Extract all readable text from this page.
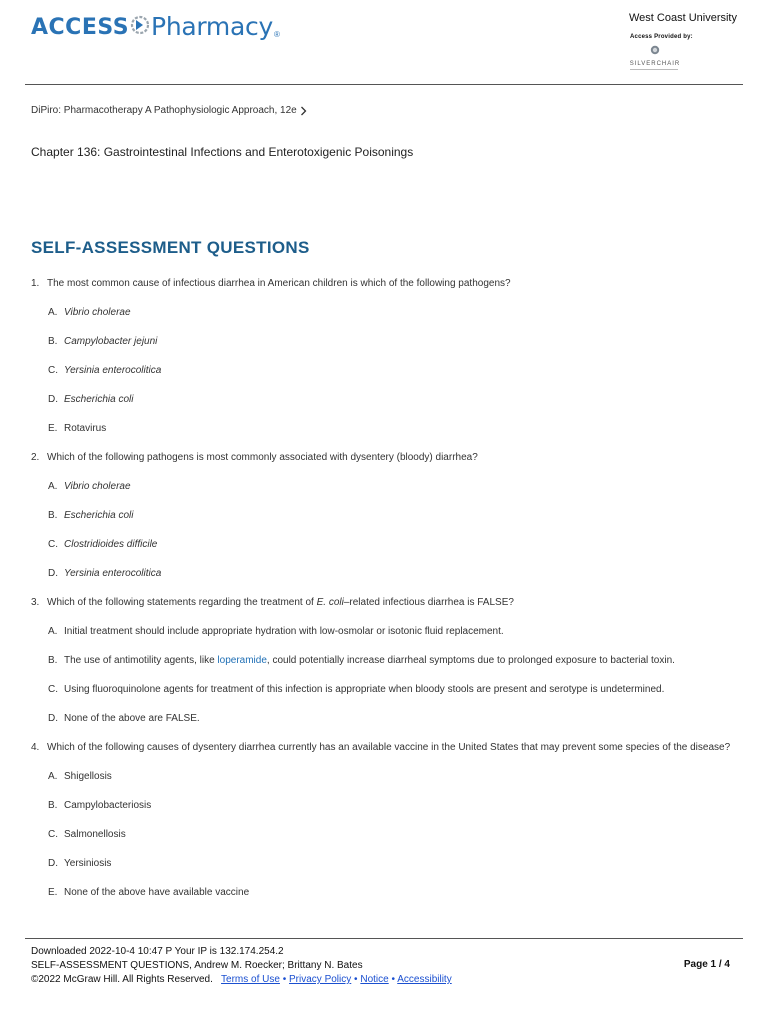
ACCESS Pharmacy ®
West Coast University
Access Provided by:
SILVERCHAIR
DiPiro: Pharmacotherapy A Pathophysiologic Approach, 12e
Chapter 136: Gastrointestinal Infections and Enterotoxigenic Poisonings
SELF-ASSESSMENT QUESTIONS
1. The most common cause of infectious diarrhea in American children is which of the following pathogens?
A. Vibrio cholerae
B. Campylobacter jejuni
C. Yersinia enterocolitica
D. Escherichia coli
E. Rotavirus
2. Which of the following pathogens is most commonly associated with dysentery (bloody) diarrhea?
A. Vibrio cholerae
B. Escherichia coli
C. Clostridioides difficile
D. Yersinia enterocolitica
3. Which of the following statements regarding the treatment of E. coli–related infectious diarrhea is FALSE?
A. Initial treatment should include appropriate hydration with low-osmolar or isotonic fluid replacement.
B. The use of antimotility agents, like loperamide, could potentially increase diarrheal symptoms due to prolonged exposure to bacterial toxin.
C. Using fluoroquinolone agents for treatment of this infection is appropriate when bloody stools are present and serotype is undetermined.
D. None of the above are FALSE.
4. Which of the following causes of dysentery diarrhea currently has an available vaccine in the United States that may prevent some species of the disease?
A. Shigellosis
B. Campylobacteriosis
C. Salmonellosis
D. Yersiniosis
E. None of the above have available vaccine
Downloaded 2022-10-4 10:47 P Your IP is 132.174.254.2
SELF-ASSESSMENT QUESTIONS, Andrew M. Roecker; Brittany N. Bates
©2022 McGraw Hill. All Rights Reserved. Terms of Use • Privacy Policy • Notice • Accessibility
Page 1 / 4
